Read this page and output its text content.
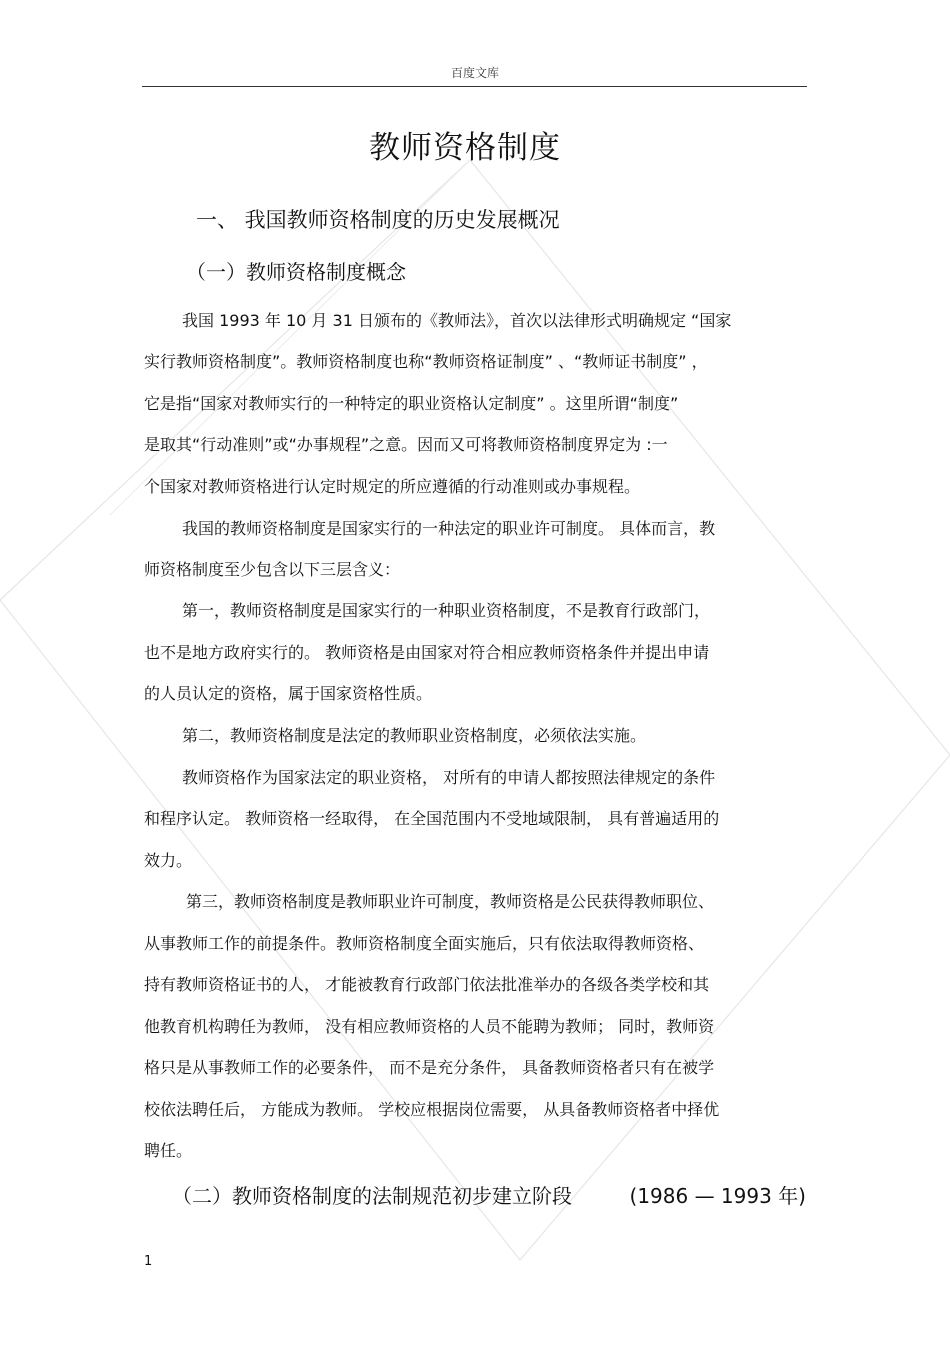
百度文库
教师资格制度
一、 我国教师资格制度的历史发展概况
（一）教师资格制度概念
我国 1993 年 10 月 31 日颁布的《教师法》，首次以法律形式明确规定 “国家
实行教师资格制度”。教师资格制度也称“教师资格证制度” 、“教师证书制度” ，
它是指“国家对教师实行的一种特定的职业资格认定制度” 。这里所谓“制度”
是取其“行动准则”或“办事规程”之意。因而又可将教师资格制度界定为 :一
个国家对教师资格进行认定时规定的所应遵循的行动准则或办事规程。
我国的教师资格制度是国家实行的一种法定的职业许可制度。 具体而言，教
师资格制度至少包含以下三层含义：
第一，教师资格制度是国家实行的一种职业资格制度，不是教育行政部门，
也不是地方政府实行的。 教师资格是由国家对符合相应教师资格条件并提出申请
的人员认定的资格，属于国家资格性质。
第二，教师资格制度是法定的教师职业资格制度，必须依法实施。
教师资格作为国家法定的职业资格， 对所有的申请人都按照法律规定的条件
和程序认定。 教师资格一经取得， 在全国范围内不受地域限制， 具有普遍适用的
效力。
第三，教师资格制度是教师职业许可制度，教师资格是公民获得教师职位、
从事教师工作的前提条件。教师资格制度全面实施后，只有依法取得教师资格、
持有教师资格证书的人， 才能被教育行政部门依法批准举办的各级各类学校和其
他教育机构聘任为教师， 没有相应教师资格的人员不能聘为教师； 同时，教师资
格只是从事教师工作的必要条件， 而不是充分条件， 具备教师资格者只有在被学
校依法聘任后， 方能成为教师。 学校应根据岗位需要， 从具备教师资格者中择优
聘任。
（二）教师资格制度的法制规范初步建立阶段	(1986 — 1993 年)
1
